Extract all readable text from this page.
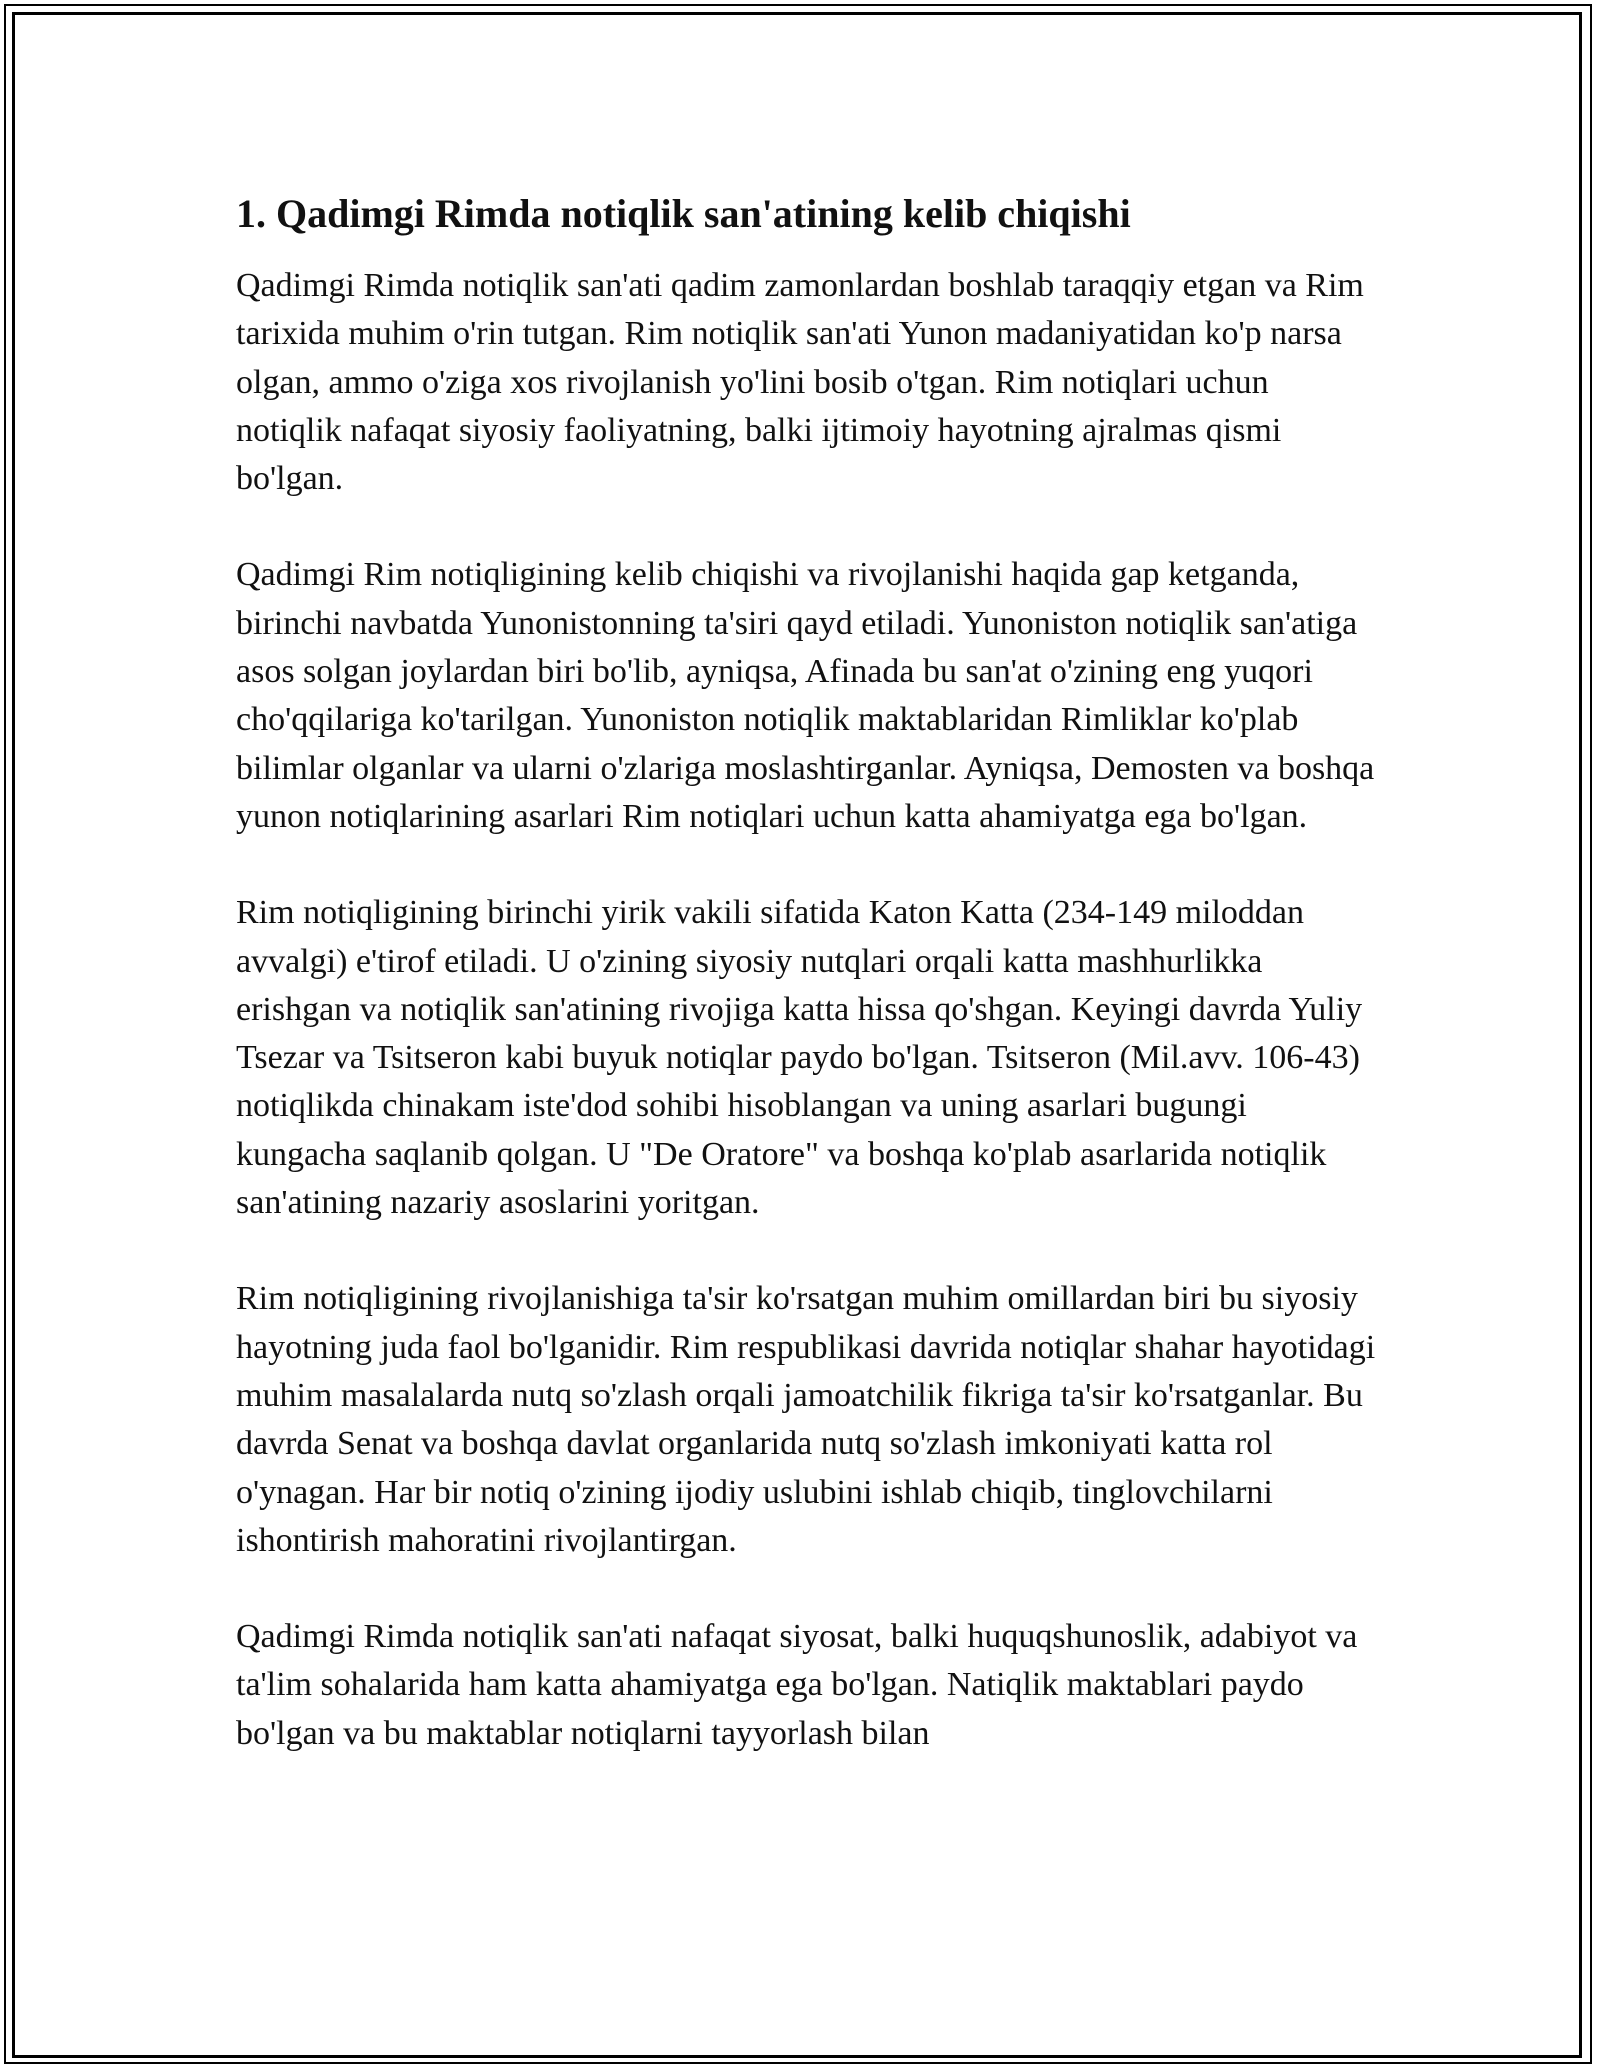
1. Qadimgi Rimda notiqlik san'atining kelib chiqishi

Qadimgi Rimda notiqlik san'ati qadim zamonlardan boshlab taraqqiy etgan va Rim tarixida muhim o'rin tutgan. Rim notiqlik san'ati Yunon madaniyatidan ko'p narsa olgan, ammo o'ziga xos rivojlanish yo'lini bosib o'tgan. Rim notiqlari uchun notiqlik nafaqat siyosiy faoliyatning, balki ijtimoiy hayotning ajralmas qismi bo'lgan.

Qadimgi Rim notiqligining kelib chiqishi va rivojlanishi haqida gap ketganda, birinchi navbatda Yunonistonning ta'siri qayd etiladi. Yunoniston notiqlik san'atiga asos solgan joylardan biri bo'lib, ayniqsa, Afinada bu san'at o'zining eng yuqori cho'qqilariga ko'tarilgan. Yunoniston notiqlik maktablaridan Rimliklar ko'plab bilimlar olganlar va ularni o'zlariga moslashtirganlar. Ayniqsa, Demosten va boshqa yunon notiqlarining asarlari Rim notiqlari uchun katta ahamiyatga ega bo'lgan.

Rim notiqligining birinchi yirik vakili sifatida Katon Katta (234-149 miloddan avvalgi) e'tirof etiladi. U o'zining siyosiy nutqlari orqali katta mashhurlikka erishgan va notiqlik san'atining rivojiga katta hissa qo'shgan. Keyingi davrda Yuliy Tsezar va Tsitseron kabi buyuk notiqlar paydo bo'lgan. Tsitseron (Mil.avv. 106-43) notiqlikda chinakam iste'dod sohibi hisoblangan va uning asarlari bugungi kungacha saqlanib qolgan. U "De Oratore" va boshqa ko'plab asarlarida notiqlik san'atining nazariy asoslarini yoritgan.

Rim notiqligining rivojlanishiga ta'sir ko'rsatgan muhim omillardan biri bu siyosiy hayotning juda faol bo'lganidir. Rim respublikasi davrida notiqlar shahar hayotidagi muhim masalalarda nutq so'zlash orqali jamoatchilik fikriga ta'sir ko'rsatganlar. Bu davrda Senat va boshqa davlat organlarida nutq so'zlash imkoniyati katta rol o'ynagan. Har bir notiq o'zining ijodiy uslubini ishlab chiqib, tinglovchilarni ishontirish mahoratini rivojlantirgan.

Qadimgi Rimda notiqlik san'ati nafaqat siyosat, balki huquqshunoslik, adabiyot va ta'lim sohalarida ham katta ahamiyatga ega bo'lgan. Natiqlik maktablari paydo bo'lgan va bu maktablar notiqlarni tayyorlash bilan
